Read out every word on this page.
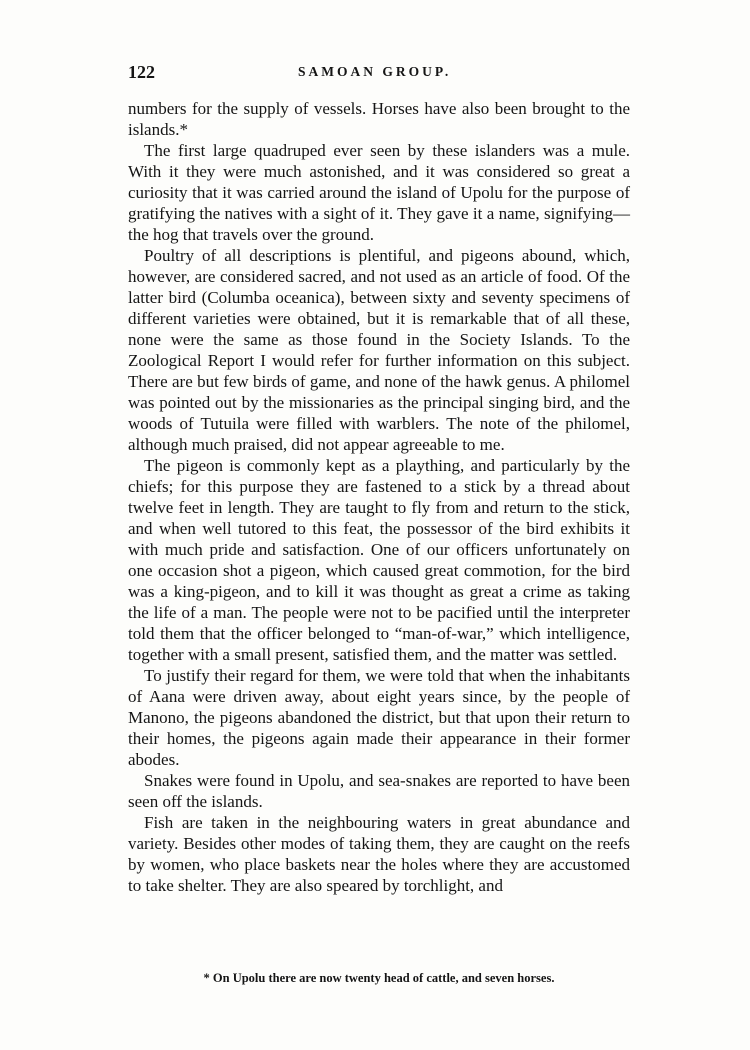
122	SAMOAN GROUP.

numbers for the supply of vessels. Horses have also been brought to the islands.*

The first large quadruped ever seen by these islanders was a mule. With it they were much astonished, and it was considered so great a curiosity that it was carried around the island of Upolu for the purpose of gratifying the natives with a sight of it. They gave it a name, signifying—the hog that travels over the ground.

Poultry of all descriptions is plentiful, and pigeons abound, which, however, are considered sacred, and not used as an article of food. Of the latter bird (Columba oceanica), between sixty and seventy specimens of different varieties were obtained, but it is remarkable that of all these, none were the same as those found in the Society Islands. To the Zoological Report I would refer for further information on this subject. There are but few birds of game, and none of the hawk genus. A philomel was pointed out by the missionaries as the principal singing bird, and the woods of Tutuila were filled with warblers. The note of the philomel, although much praised, did not appear agreeable to me.

The pigeon is commonly kept as a plaything, and particularly by the chiefs; for this purpose they are fastened to a stick by a thread about twelve feet in length. They are taught to fly from and return to the stick, and when well tutored to this feat, the possessor of the bird exhibits it with much pride and satisfaction. One of our officers unfortunately on one occasion shot a pigeon, which caused great commotion, for the bird was a king-pigeon, and to kill it was thought as great a crime as taking the life of a man. The people were not to be pacified until the interpreter told them that the officer belonged to “man-of-war,” which intelligence, together with a small present, satisfied them, and the matter was settled.

To justify their regard for them, we were told that when the inhabitants of Aana were driven away, about eight years since, by the people of Manono, the pigeons abandoned the district, but that upon their return to their homes, the pigeons again made their appearance in their former abodes.

Snakes were found in Upolu, and sea-snakes are reported to have been seen off the islands.

Fish are taken in the neighbouring waters in great abundance and variety. Besides other modes of taking them, they are caught on the reefs by women, who place baskets near the holes where they are accustomed to take shelter. They are also speared by torchlight, and

* On Upolu there are now twenty head of cattle, and seven horses.
